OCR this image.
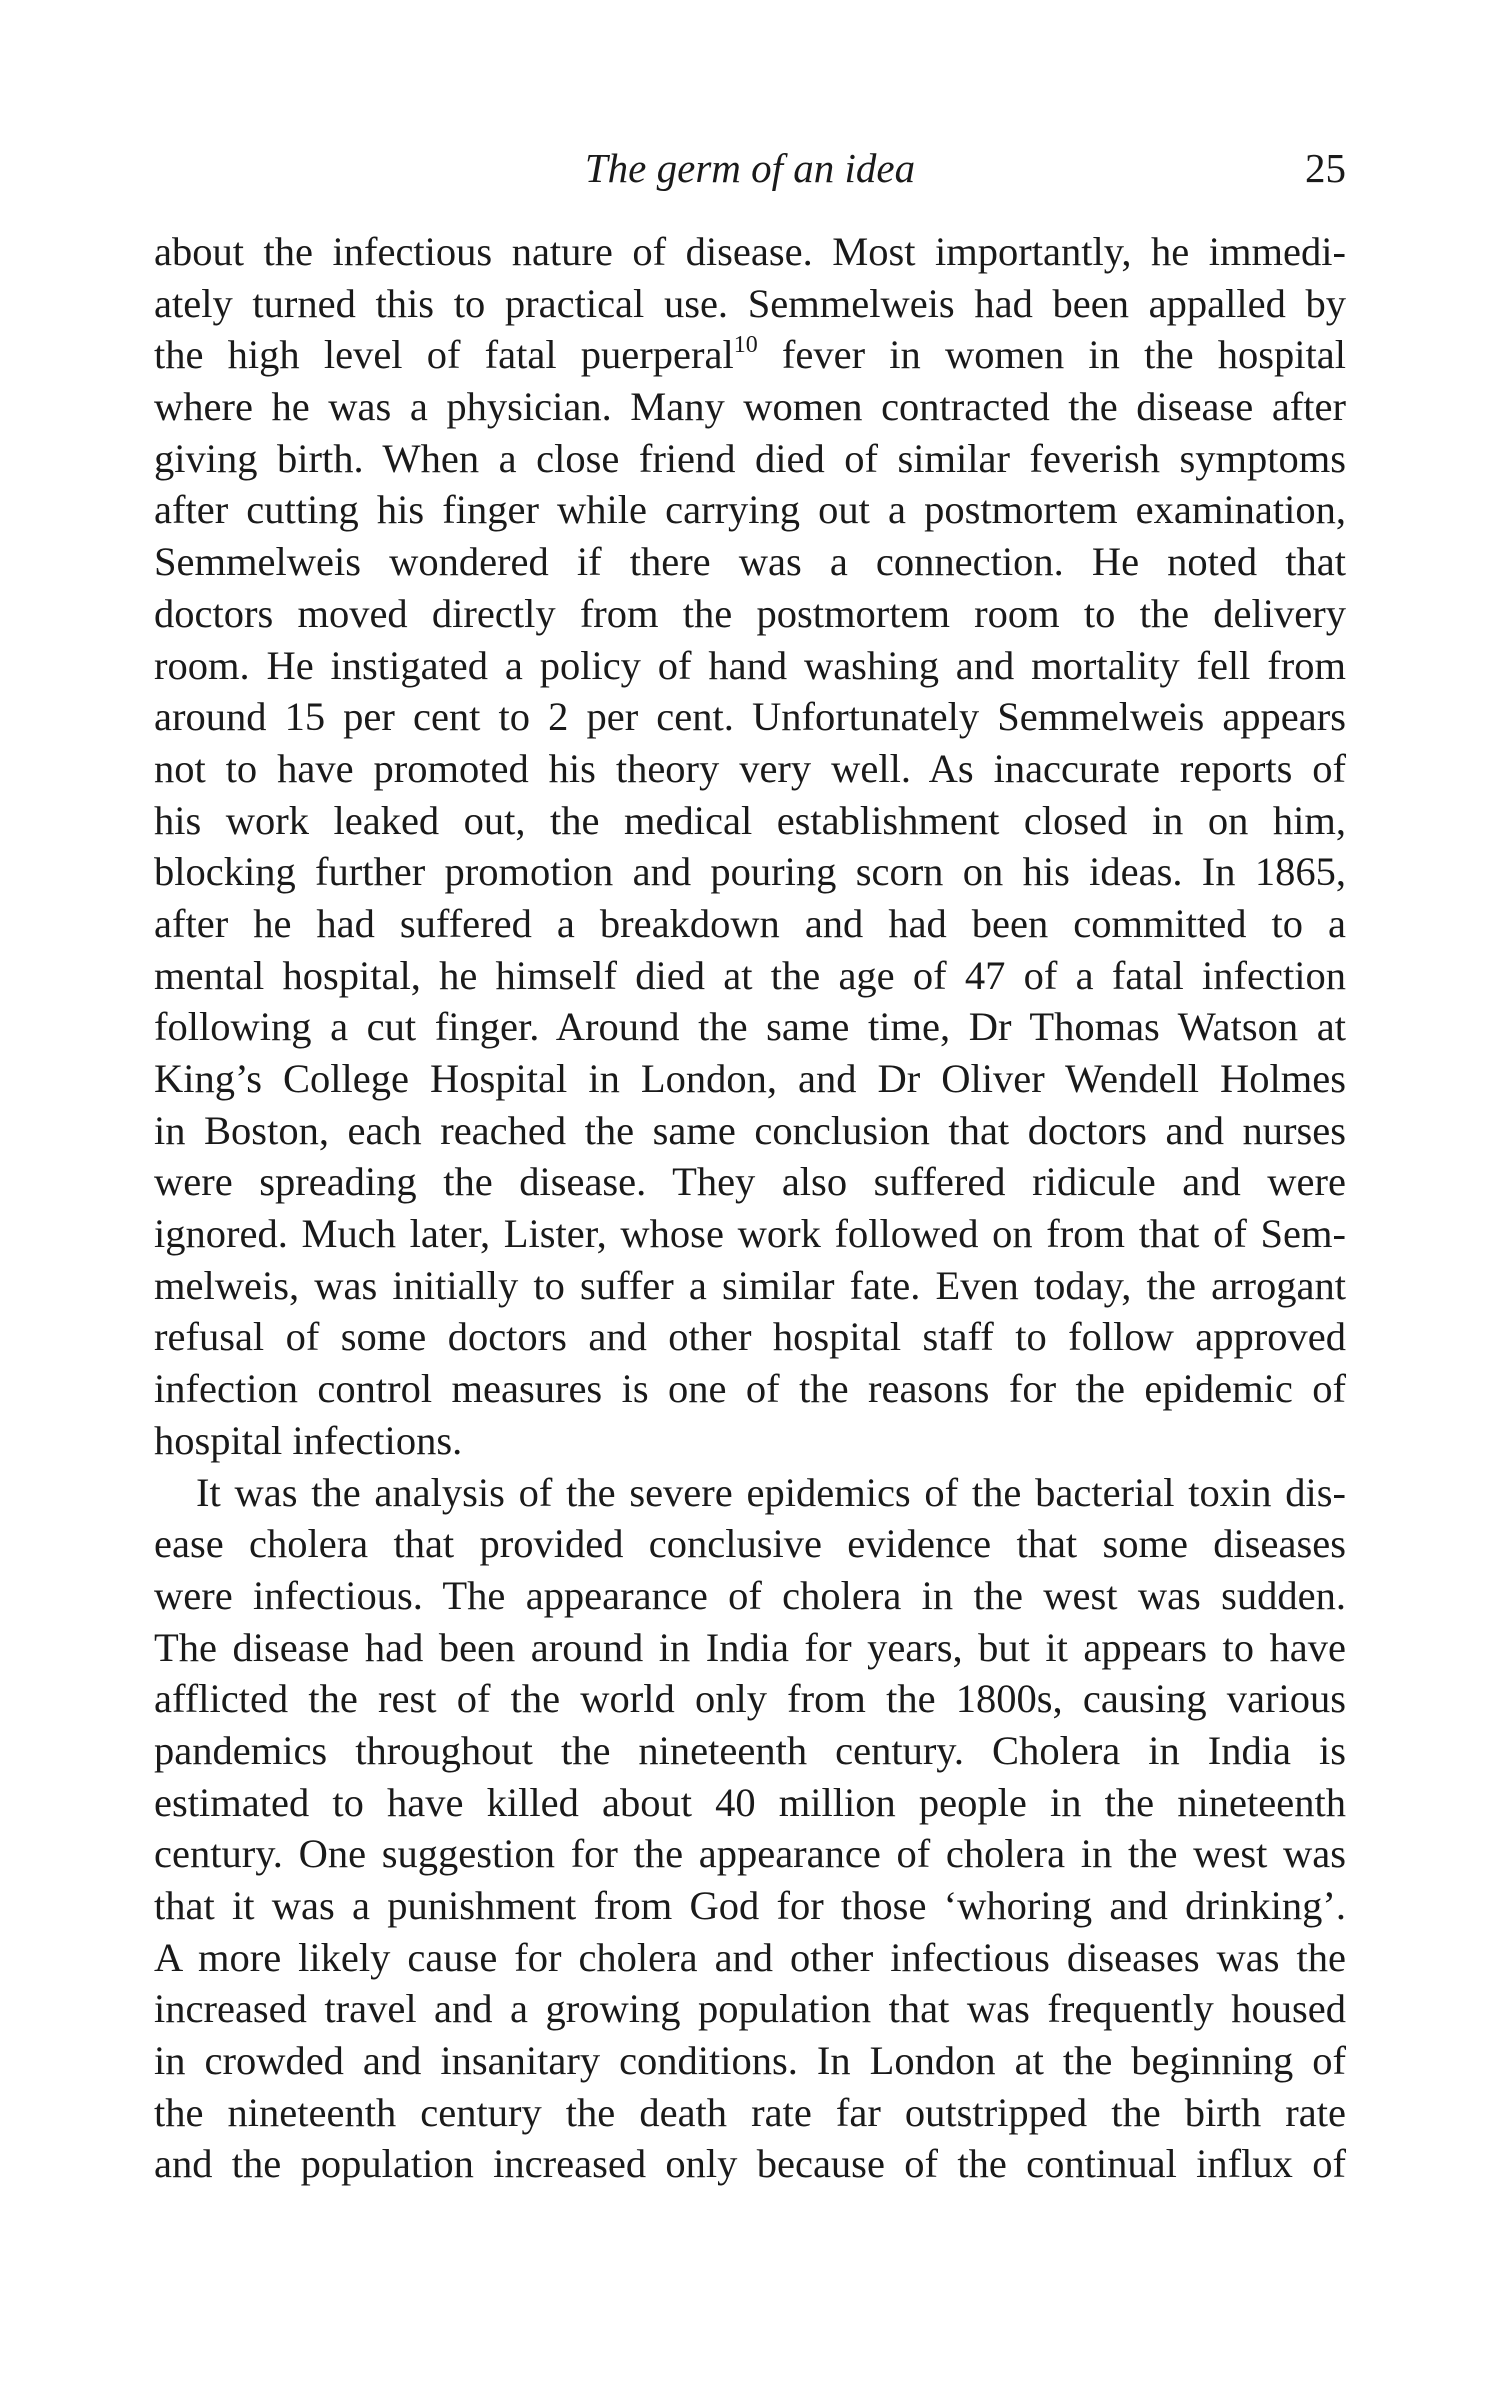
The germ of an idea	25
about the infectious nature of disease. Most importantly, he immedi-
ately turned this to practical use. Semmelweis had been appalled by
the high level of fatal puerperal$^{10}$ fever in women in the hospital
where he was a physician. Many women contracted the disease after
giving birth. When a close friend died of similar feverish symptoms
after cutting his finger while carrying out a postmortem examination,
Semmelweis wondered if there was a connection. He noted that
doctors moved directly from the postmortem room to the delivery
room. He instigated a policy of hand washing and mortality fell from
around 15 per cent to 2 per cent. Unfortunately Semmelweis appears
not to have promoted his theory very well. As inaccurate reports of
his work leaked out, the medical establishment closed in on him,
blocking further promotion and pouring scorn on his ideas. In 1865,
after he had suffered a breakdown and had been committed to a
mental hospital, he himself died at the age of 47 of a fatal infection
following a cut finger. Around the same time, Dr Thomas Watson at
King’s College Hospital in London, and Dr Oliver Wendell Holmes
in Boston, each reached the same conclusion that doctors and nurses
were spreading the disease. They also suffered ridicule and were
ignored. Much later, Lister, whose work followed on from that of Sem-
melweis, was initially to suffer a similar fate. Even today, the arrogant
refusal of some doctors and other hospital staff to follow approved
infection control measures is one of the reasons for the epidemic of
hospital infections.
It was the analysis of the severe epidemics of the bacterial toxin dis-
ease cholera that provided conclusive evidence that some diseases
were infectious. The appearance of cholera in the west was sudden.
The disease had been around in India for years, but it appears to have
afflicted the rest of the world only from the 1800s, causing various
pandemics throughout the nineteenth century. Cholera in India is
estimated to have killed about 40 million people in the nineteenth
century. One suggestion for the appearance of cholera in the west was
that it was a punishment from God for those ‘whoring and drinking’.
A more likely cause for cholera and other infectious diseases was the
increased travel and a growing population that was frequently housed
in crowded and insanitary conditions. In London at the beginning of
the nineteenth century the death rate far outstripped the birth rate
and the population increased only because of the continual influx of
